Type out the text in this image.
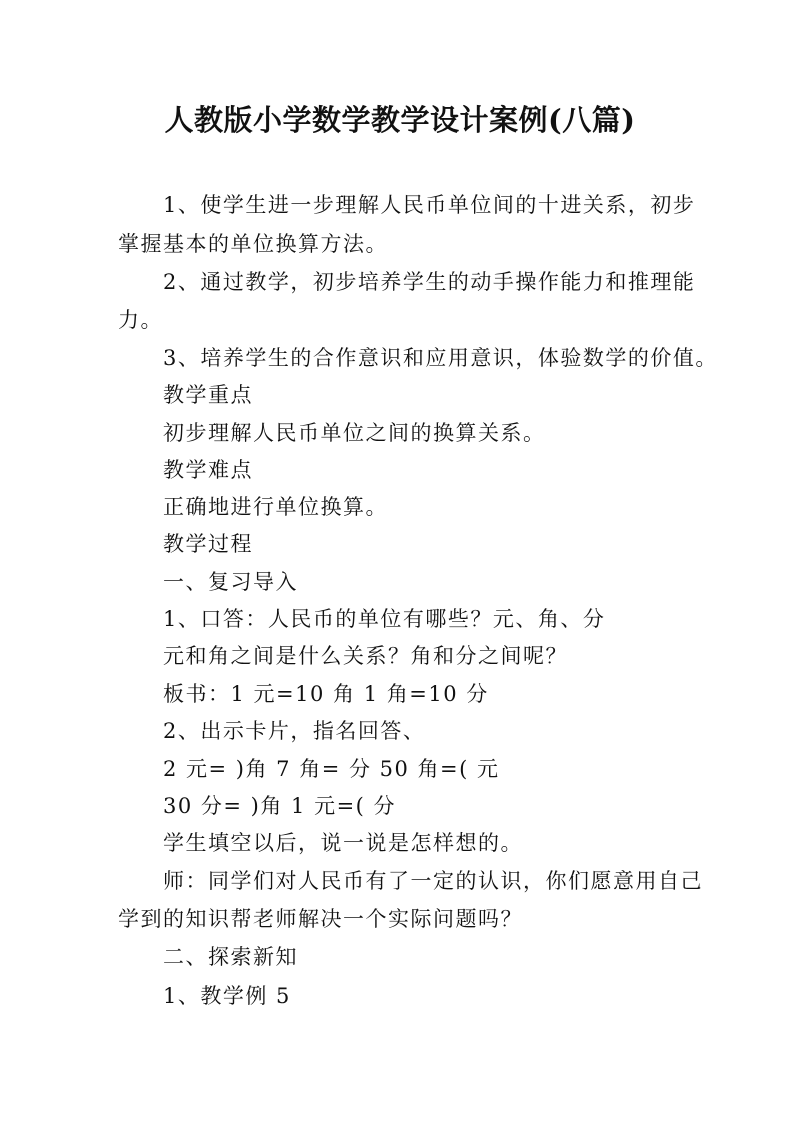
人教版小学数学教学设计案例(八篇)
1、使学生进一步理解人民币单位间的十进关系，初步
掌握基本的单位换算方法。
2、通过教学，初步培养学生的动手操作能力和推理能
力。
3、培养学生的合作意识和应用意识，体验数学的价值。
教学重点
初步理解人民币单位之间的换算关系。
教学难点
正确地进行单位换算。
教学过程
一、复习导入
1、口答：人民币的单位有哪些？元、角、分
元和角之间是什么关系？角和分之间呢？
板书：1 元=10 角 1 角=10 分
2、出示卡片，指名回答、
2 元= )角 7 角= 分 50 角=( 元
30 分= )角 1 元=( 分
学生填空以后，说一说是怎样想的。
师：同学们对人民币有了一定的认识，你们愿意用自己
学到的知识帮老师解决一个实际问题吗？
二、探索新知
1、教学例 5
